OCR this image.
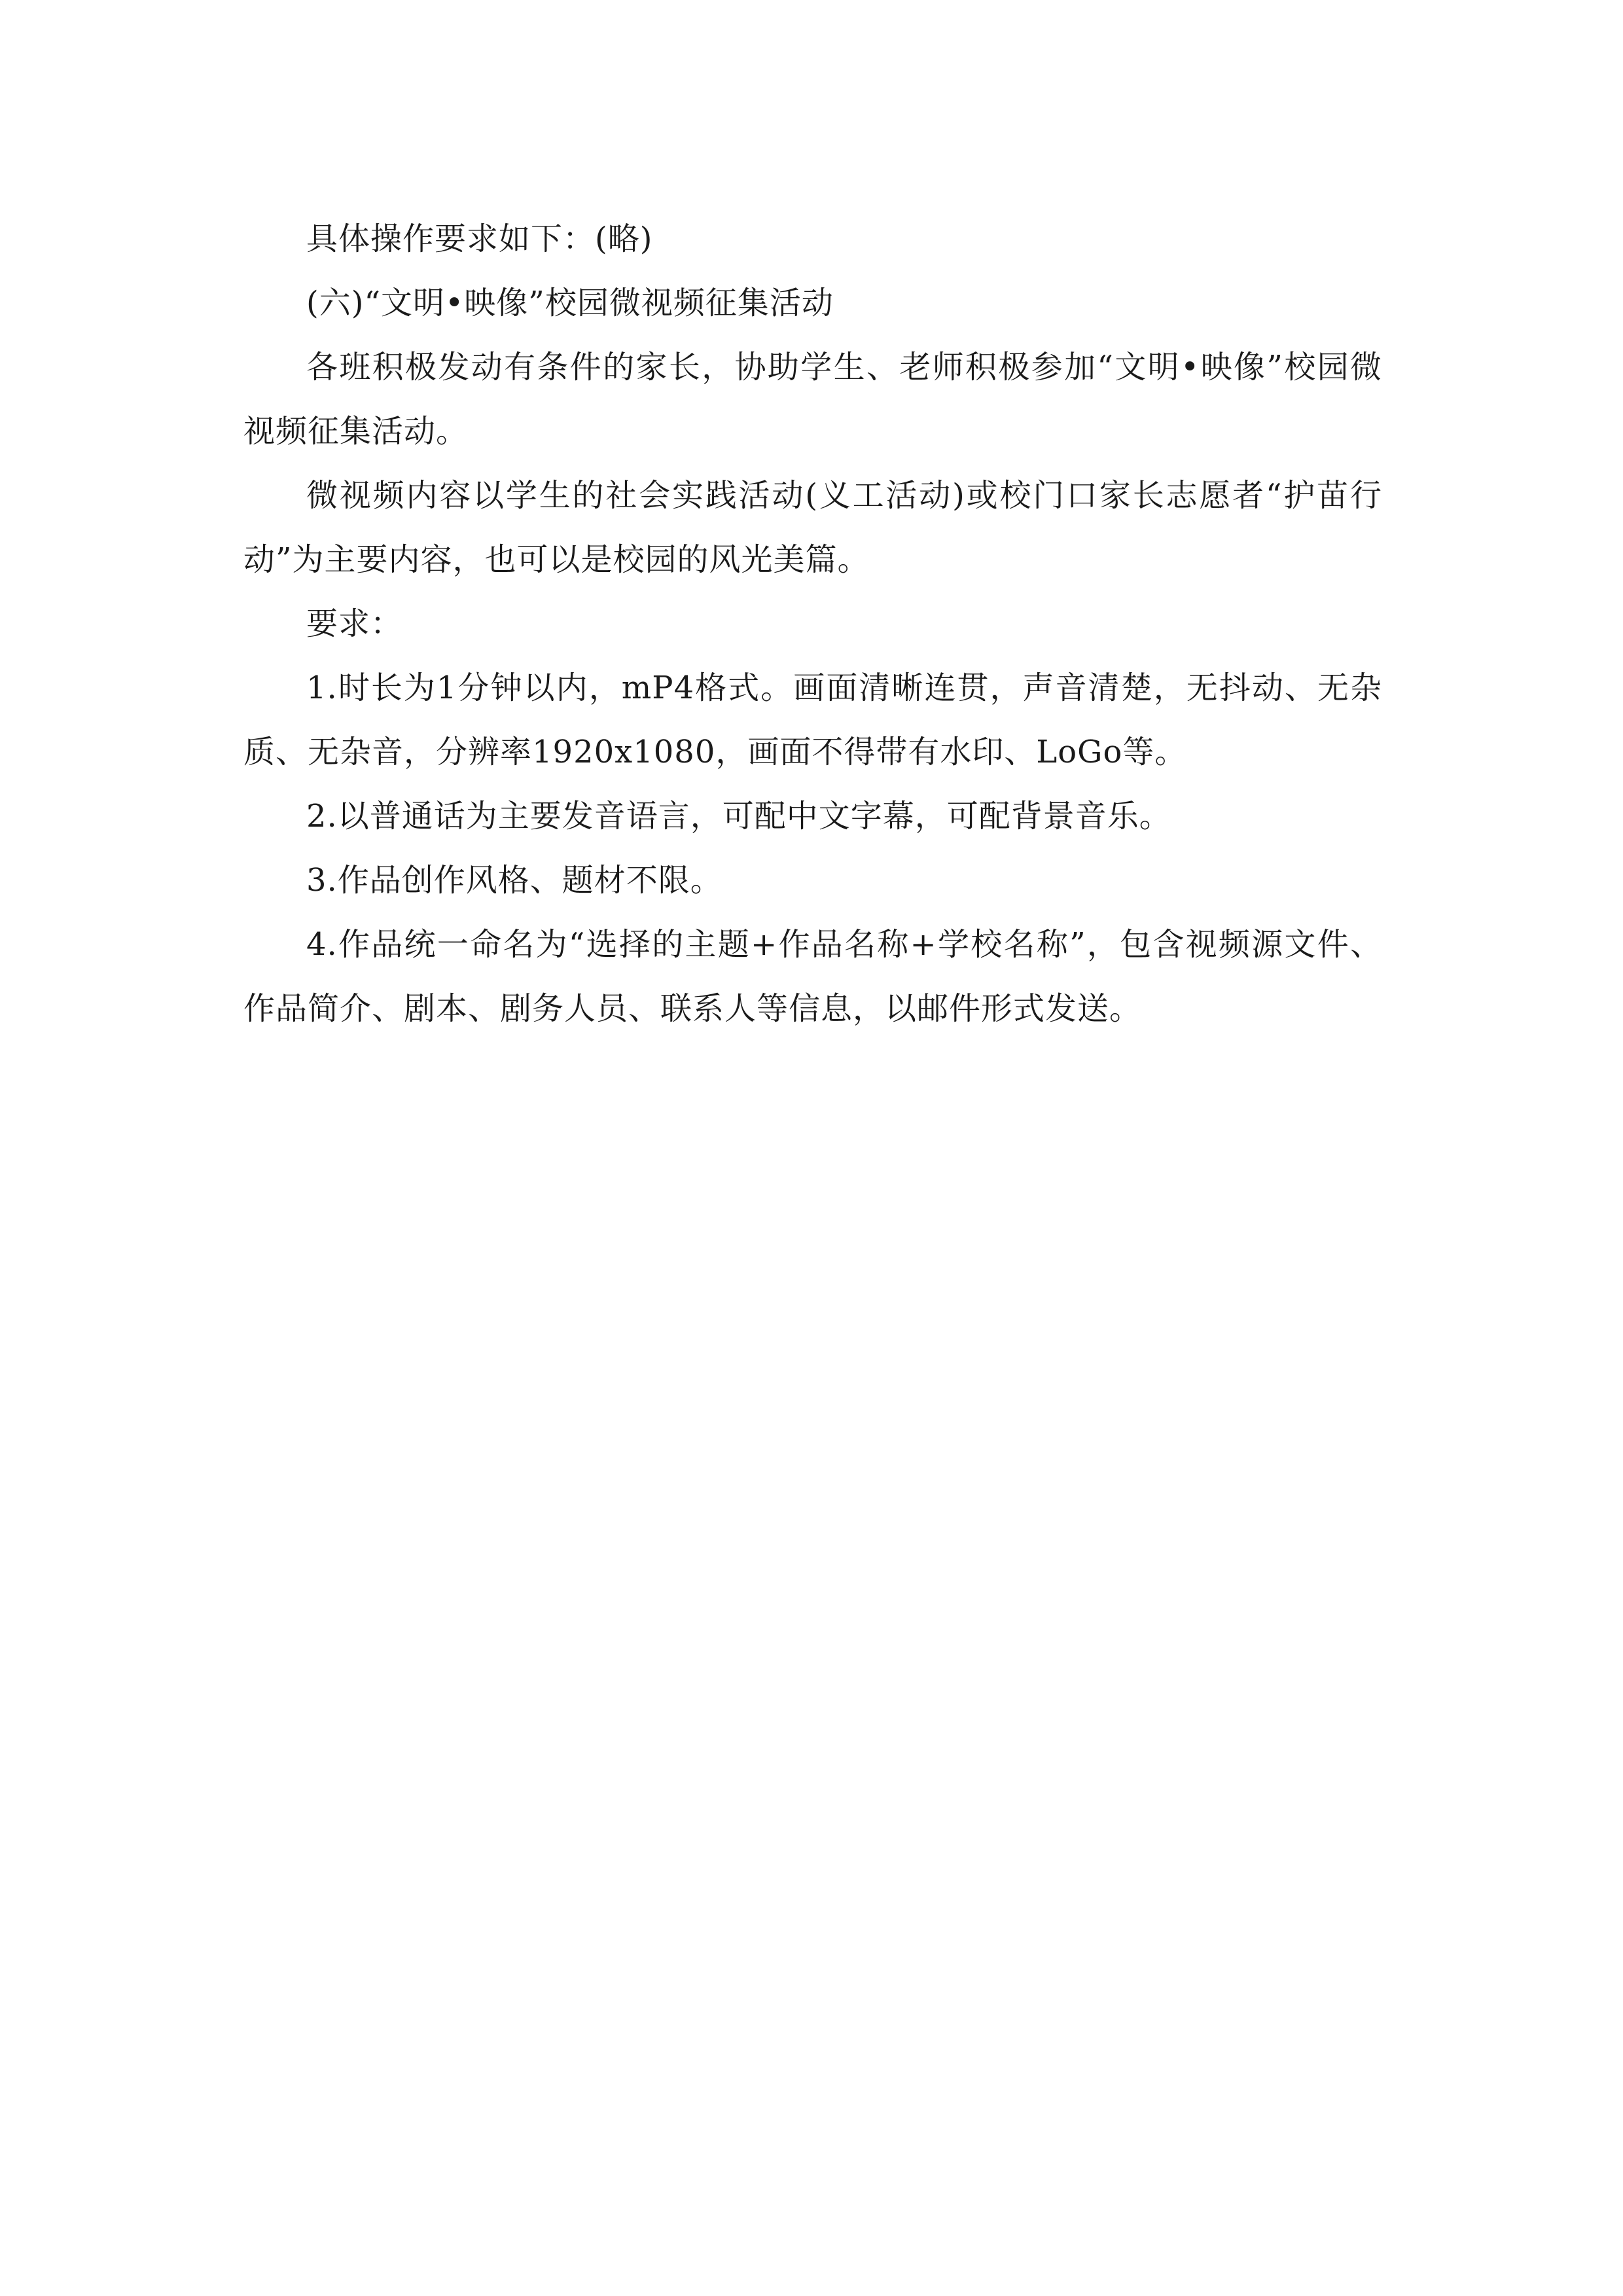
具体操作要求如下：(略)

(六)“文明•映像”校园微视频征集活动

各班积极发动有条件的家长，协助学生、老师积极参加“文明•映像”校园微视频征集活动。

微视频内容以学生的社会实践活动(义工活动)或校门口家长志愿者“护苗行动”为主要内容，也可以是校园的风光美篇。

要求：

1.时长为1分钟以内，mP4格式。画面清晰连贯，声音清楚，无抖动、无杂质、无杂音，分辨率1920x1080，画面不得带有水印、LoGo等。

2.以普通话为主要发音语言，可配中文字幕，可配背景音乐。

3.作品创作风格、题材不限。

4.作品统一命名为“选择的主题+作品名称+学校名称”，包含视频源文件、作品简介、剧本、剧务人员、联系人等信息，以邮件形式发送。
